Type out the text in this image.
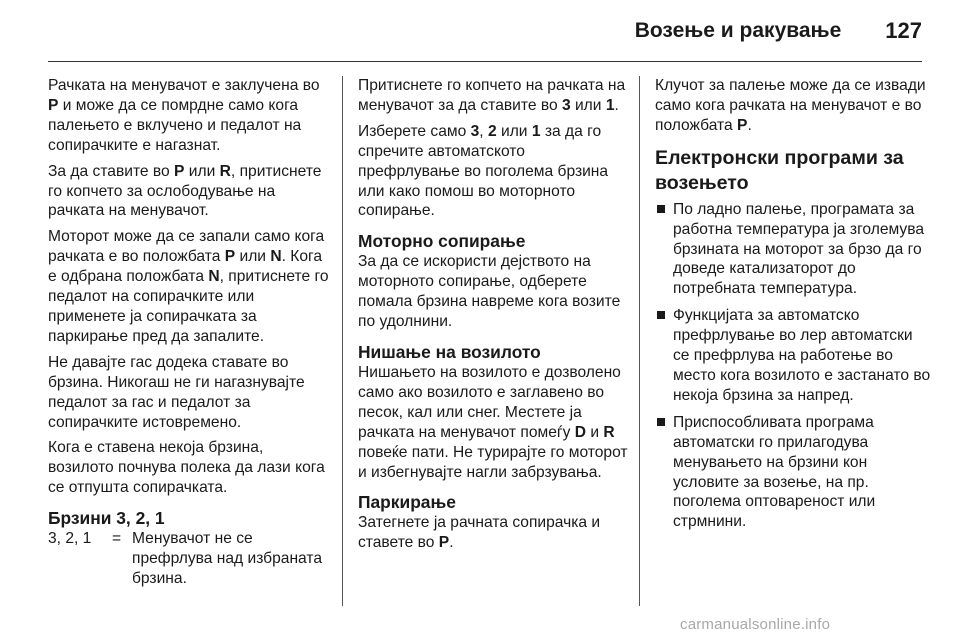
Возење и ракување 127

Рачката на менувачот е заклучена во P и може да се помрдне само кога палењето е вклучено и педалот на сопирачките е нагазнат.

За да ставите во P или R, притиснете го копчето за ослободување на рачката на менувачот.

Моторот може да се запали само кога рачката е во положбата P или N. Кога е одбрана положбата N, притиснете го педалот на сопирачките или применете ја сопирачката за паркирање пред да запалите.

Не давајте гас додека ставате во брзина. Никогаш не ги нагазнувајте педалот за гас и педалот за сопирачките истовремено.

Кога е ставена некоја брзина, возилото почнува полека да лази кога се отпушта сопирачката.

Брзини 3, 2, 1
3, 2, 1	= Менувачот не се префрлува над избраната брзина.

Притиснете го копчето на рачката на менувачот за да ставите во 3 или 1.

Изберете само 3, 2 или 1 за да го спречите автоматското префрлување во поголема брзина или како помош во моторното сопирање.

Моторно сопирање

За да се искористи дејството на моторното сопирање, одберете помала брзина навреме кога возите по удолнини.

Нишање на возилото

Нишањето на возилото е дозволено само ако возилото е заглавено во песок, кал или снег. Местете ја рачката на менувачот помеѓу D и R повеќе пати. Не турирајте го моторот и избегнувајте нагли забрзувања.

Паркирање

Затегнете ја рачната сопирачка и ставете во P.

Клучот за палење може да се извади само кога рачката на менувачот е во положбата P.

Електронски програми за возењето
По ладно палење, програмата за работна температура ја зголемува брзината на моторот за брзо да го доведе катализаторот до потребната температура.
Функцијата за автоматско префрлување во лер автоматски се префрлува на работење во место кога возилото е застанато во некоја брзина за напред.
Приспособливата програма автоматски го прилагодува менувањето на брзини кон условите за возење, на пр. поголема оптовареност или стрмнини.
carmanualsonline.info
